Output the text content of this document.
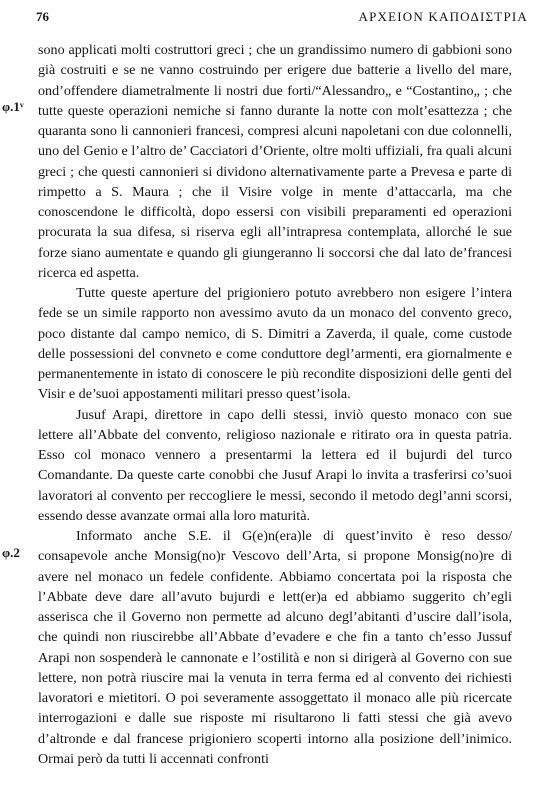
76	ΑΡΧΕΙΟΝ ΚΑΠΟΔΙΣΤΡΙΑ
φ.1ᵛ
φ.2

sono applicati molti costruttori greci ; che un grandissimo numero di gabbioni sono già costruiti e se ne vanno costruindo per erigere due batterie a livello del mare, ond’offendere diametralmente li nostri due forti/“Alessandro„ e “Costantino„ ; che tutte queste operazioni nemiche si fanno durante la notte con molt’esattezza ; che quaranta sono li cannonieri francesi, compresi alcuni napoletani con due colonnelli, uno del Genio e l’altro de’ Cacciatori d’Oriente, oltre molti uffiziali, fra quali alcuni greci ; che questi cannonieri si dividono alternativamente parte a Prevesa e parte di rimpetto a S. Maura ; che il Visire volge in mente d’attaccarla, ma che conoscendone le difficoltà, dopo essersi con visibili preparamenti ed operazioni procurata la sua difesa, si riserva egli all’intrapresa contemplata, allorché le sue forze siano aumentate e quando gli giungeranno li soccorsi che dal lato de’francesi ricerca ed aspetta.

Tutte queste aperture del prigioniero potuto avrebbero non esigere l’intera fede se un simile rapporto non avessimo avuto da un monaco del convento greco, poco distante dal campo nemico, di S. Dimitri a Zaverda, il quale, come custode delle possessioni del convneto e come conduttore degl’armenti, era giornalmente e permanentemente in istato di conoscere le più recondite disposizioni delle genti del Visir e de’suoi appostamenti militari presso quest’isola.

Jusuf Arapi, direttore in capo delli stessi, inviò questo monaco con sue lettere all’Abbate del convento, religioso nazionale e ritirato ora in questa patria. Esso col monaco vennero a presentarmi la lettera ed il bujurdi del turco Comandante. Da queste carte conobbi che Jusuf Arapi lo invita a trasferirsi co’suoi lavoratori al convento per reccogliere le messi, secondo il metodo degl’anni scorsi, essendo desse avanzate ormai alla loro maturità.

Informato anche S.E. il G(e)n(era)le di quest’invito è reso desso/ consapevole anche Monsig(no)r Vescovo dell’Arta, si propone Monsig(no)re di avere nel monaco un fedele confidente. Abbiamo concertata poi la risposta che l’Abbate deve dare all’avuto bujurdi e lett(er)a ed abbiamo suggerito ch’egli asserisca che il Governo non permette ad alcuno degl’abitanti d’uscire dall’isola, che quindi non riuscirebbe all’Abbate d’evadere e che fin a tanto ch’esso Jussuf Arapi non sospenderà le cannonate e l’ostilità e non si dirigerà al Governo con sue lettere, non potrà riuscire mai la venuta in terra ferma ed al convento dei richiesti lavoratori e mietitori. O poi severamente assoggettato il monaco alle più ricercate interrogazioni e dalle sue risposte mi risultarono li fatti stessi che già avevo d’altronde e dal francese prigioniero scoperti intorno alla posizione dell’inimico. Ormai però da tutti li accennati confronti
